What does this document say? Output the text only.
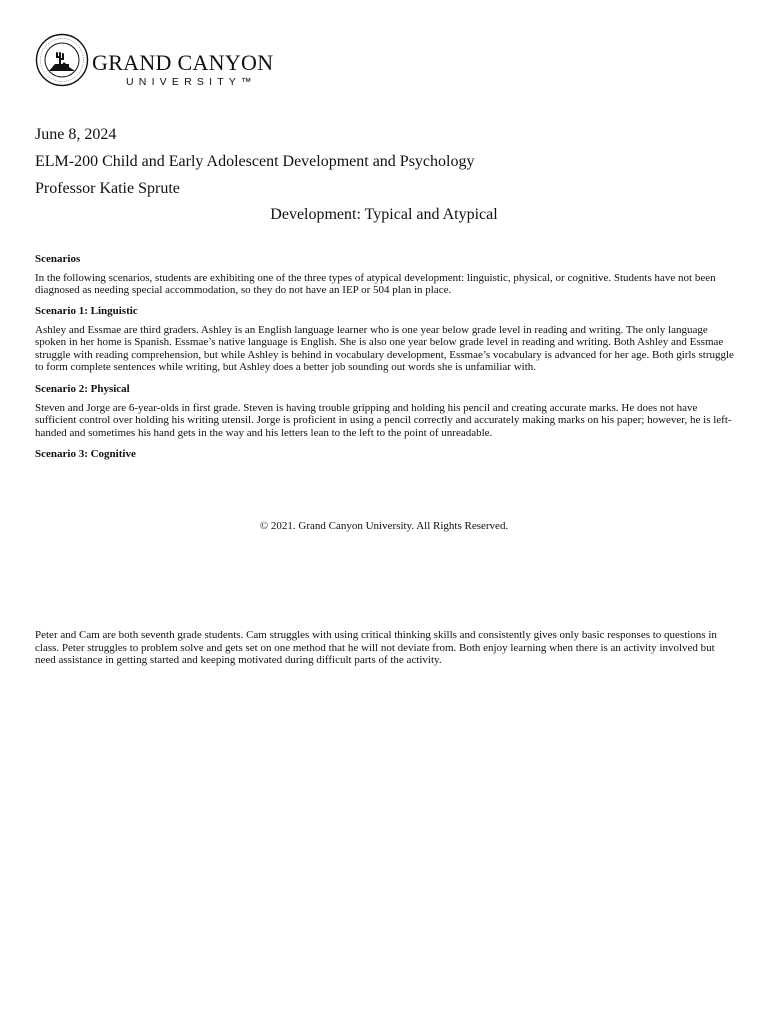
GRAND CANYON
UNIVERSITY™
June 8, 2024
ELM-200 Child and Early Adolescent Development and Psychology
Professor Katie Sprute
Development: Typical and Atypical
Scenarios
In the following scenarios, students are exhibiting one of the three types of atypical development: linguistic, physical, or cognitive. Students have not been diagnosed as needing special accommodation, so they do not have an IEP or 504 plan in place.
Scenario 1: Linguistic
Ashley and Essmae are third graders. Ashley is an English language learner who is one year below grade level in reading and writing. The only language spoken in her home is Spanish. Essmae’s native language is English. She is also one year below grade level in reading and writing. Both Ashley and Essmae struggle with reading comprehension, but while Ashley is behind in vocabulary development, Essmae’s vocabulary is advanced for her age. Both girls struggle to form complete sentences while writing, but Ashley does a better job sounding out words she is unfamiliar with.
Scenario 2: Physical
Steven and Jorge are 6-year-olds in first grade. Steven is having trouble gripping and holding his pencil and creating accurate marks. He does not have sufficient control over holding his writing utensil. Jorge is proficient in using a pencil correctly and accurately making marks on his paper; however, he is left-handed and sometimes his hand gets in the way and his letters lean to the left to the point of unreadable.
Scenario 3: Cognitive
© 2021. Grand Canyon University. All Rights Reserved.
Peter and Cam are both seventh grade students. Cam struggles with using critical thinking skills and consistently gives only basic responses to questions in class. Peter struggles to problem solve and gets set on one method that he will not deviate from. Both enjoy learning when there is an activity involved but need assistance in getting started and keeping motivated during difficult parts of the activity.
